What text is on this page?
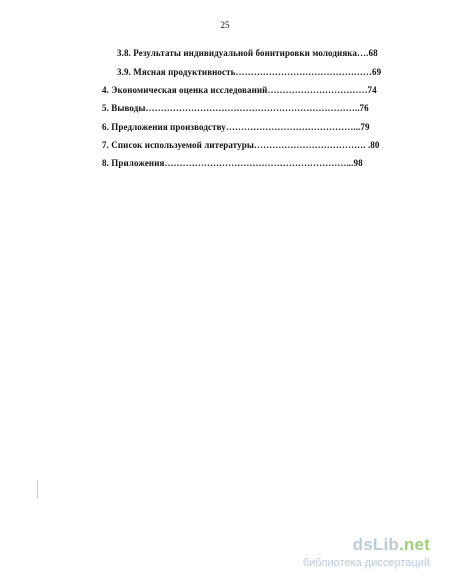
25
3.8. Результаты индивидуальной бонитировки молодняка….68
3.9. Мясная продуктивность………………………………………69
4. Экономическая оценка исследований……………………………74
5. Выводы……………………………………………………………..76
6. Предложения производству……………………………………...79
7. Список используемой литературы………………………………. .80
8. Приложения……………………………………………………...98
dsLib.net
библиотека диссертаций
